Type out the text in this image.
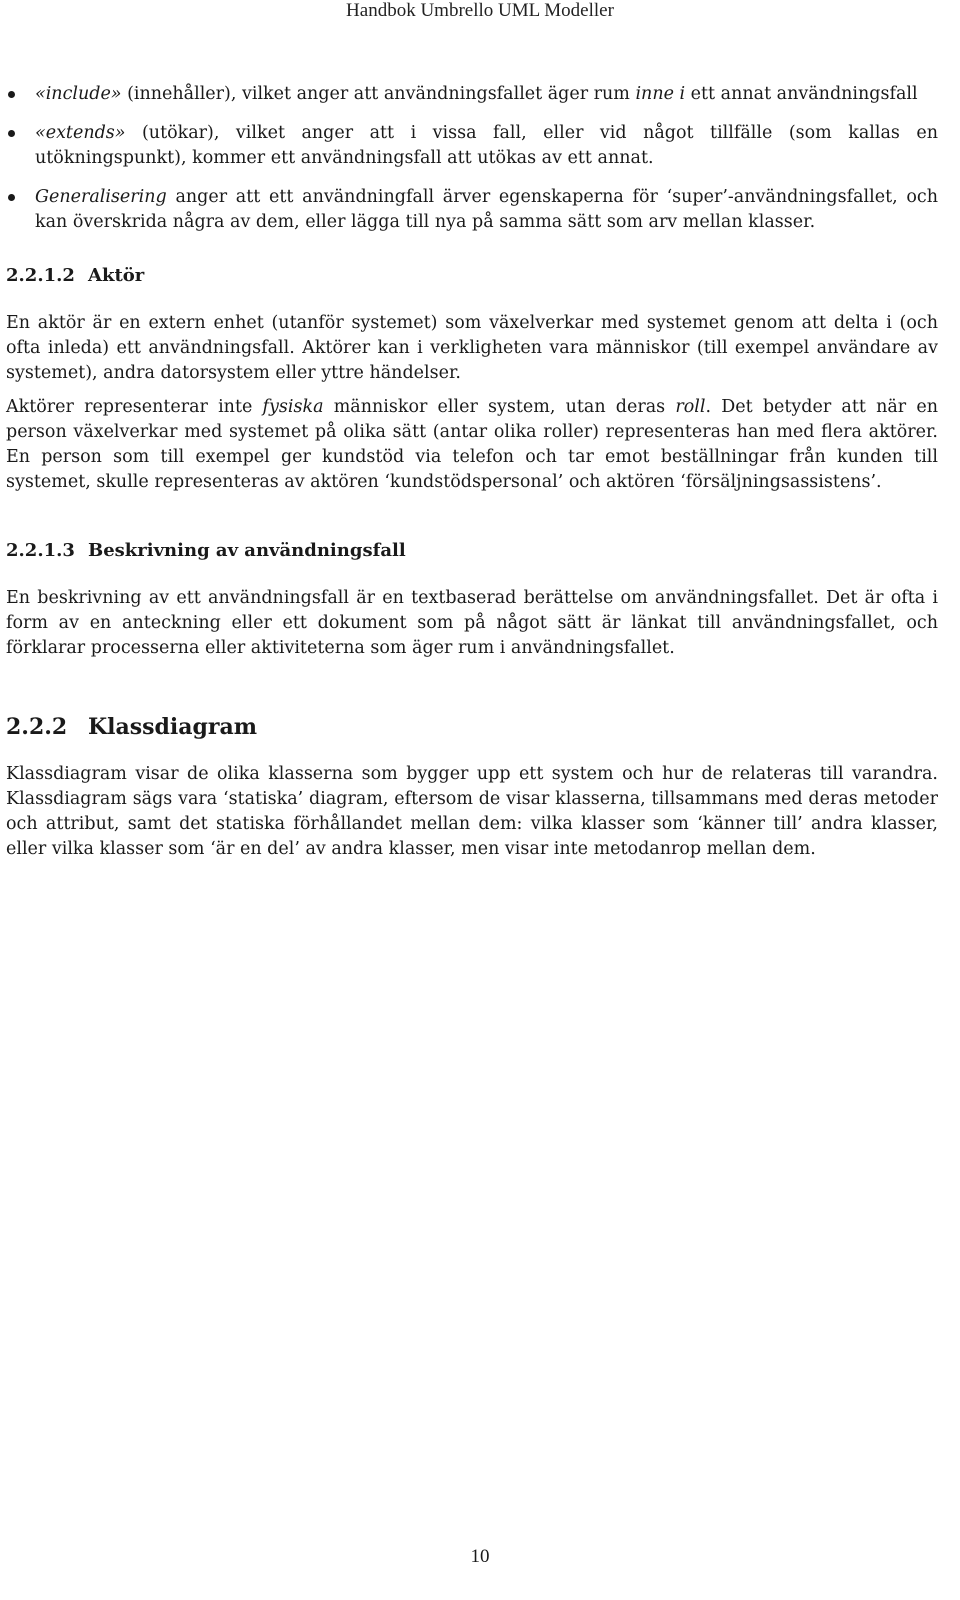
Handbok Umbrello UML Modeller
«include» (innehåller), vilket anger att användningsfallet äger rum inne i ett annat användningsfall
«extends» (utökar), vilket anger att i vissa fall, eller vid något tillfälle (som kallas en utökningspunkt), kommer ett användningsfall att utökas av ett annat.
Generalisering anger att ett användningfall ärver egenskaperna för ‘super’-användningsfallet, och kan överskrida några av dem, eller lägga till nya på samma sätt som arv mellan klasser.
2.2.1.2 Aktör

En aktör är en extern enhet (utanför systemet) som växelverkar med systemet genom att delta i (och ofta inleda) ett användningsfall. Aktörer kan i verkligheten vara människor (till exempel användare av systemet), andra datorsystem eller yttre händelser.

Aktörer representerar inte fysiska människor eller system, utan deras roll. Det betyder att när en person växelverkar med systemet på olika sätt (antar olika roller) representeras han med flera aktörer. En person som till exempel ger kundstöd via telefon och tar emot beställningar från kunden till systemet, skulle representeras av aktören ‘kundstödspersonal’ och aktören ‘försäljningsassistens’.

2.2.1.3 Beskrivning av användningsfall

En beskrivning av ett användningsfall är en textbaserad berättelse om användningsfallet. Det är ofta i form av en anteckning eller ett dokument som på något sätt är länkat till användningsfallet, och förklarar processerna eller aktiviteterna som äger rum i användningsfallet.

2.2.2 Klassdiagram

Klassdiagram visar de olika klasserna som bygger upp ett system och hur de relateras till varandra. Klassdiagram sägs vara ‘statiska’ diagram, eftersom de visar klasserna, tillsammans med deras metoder och attribut, samt det statiska förhållandet mellan dem: vilka klasser som ‘känner till’ andra klasser, eller vilka klasser som ‘är en del’ av andra klasser, men visar inte metodanrop mellan dem.

10
